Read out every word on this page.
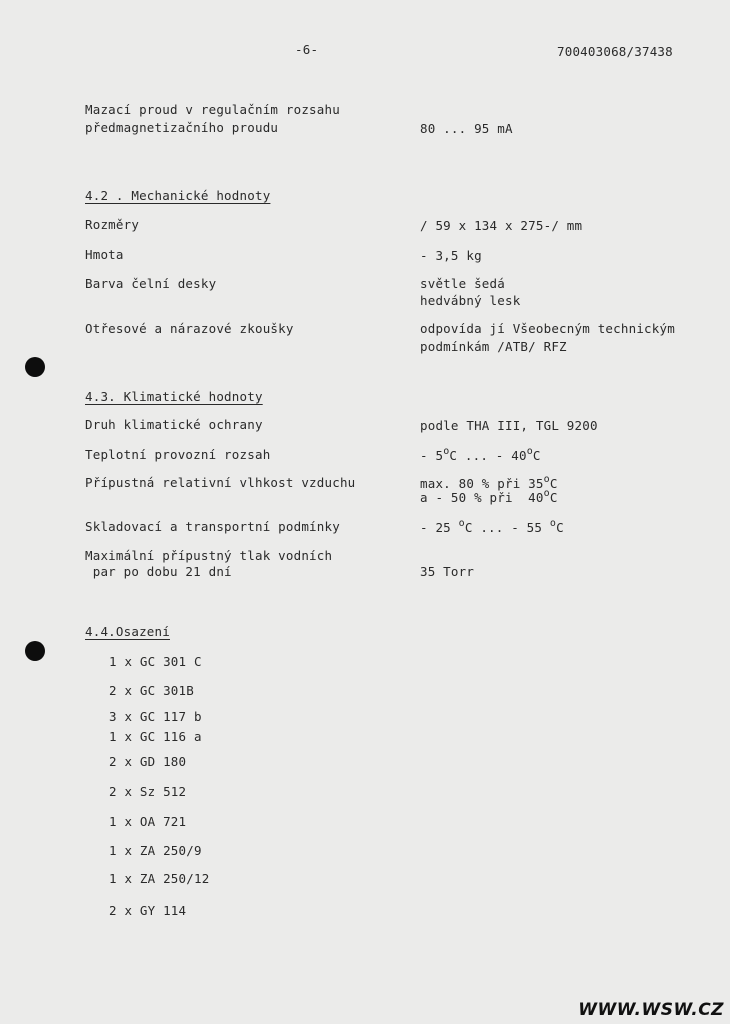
-6-	700403068/37438
Mazací proud v regulačním rozsahu
předmagnetizačního proudu	80 ... 95 mA
4.2 . Mechanické hodnoty
Rozměry	/ 59 x 134 x 275-/ mm
Hmota	- 3,5 kg
Barva čelní desky	světle šedá
hedvábný lesk
Otřesové a nárazové zkoušky	odpovída jí Všeobecným technickým
podmínkám /ATB/ RFZ
4.3. Klimatické hodnoty
Druh klimatické ochrany	podle THA III, TGL 9200
Teplotní provozní rozsah	- 5$^o$C ... - 40$^o$C
Přípustná relativní vlhkost vzduchu	max. 80 % při 35$^o$C
a - 50 % při  40$^o$C
Skladovací a transportní podmínky	- 25 $^o$C ... - 55 $^o$C
Maximální přípustný tlak vodních
par po dobu 21 dní	35 Torr
4.4.Osazení
1 x GC 301 C
2 x GC 301B
3 x GC 117 b
1 x GC 116 a
2 x GD 180
2 x Sz 512
1 x OA 721
1 x ZA 250/9
1 x ZA 250/12
2 x GY 114
WWW.WSW.CZ
